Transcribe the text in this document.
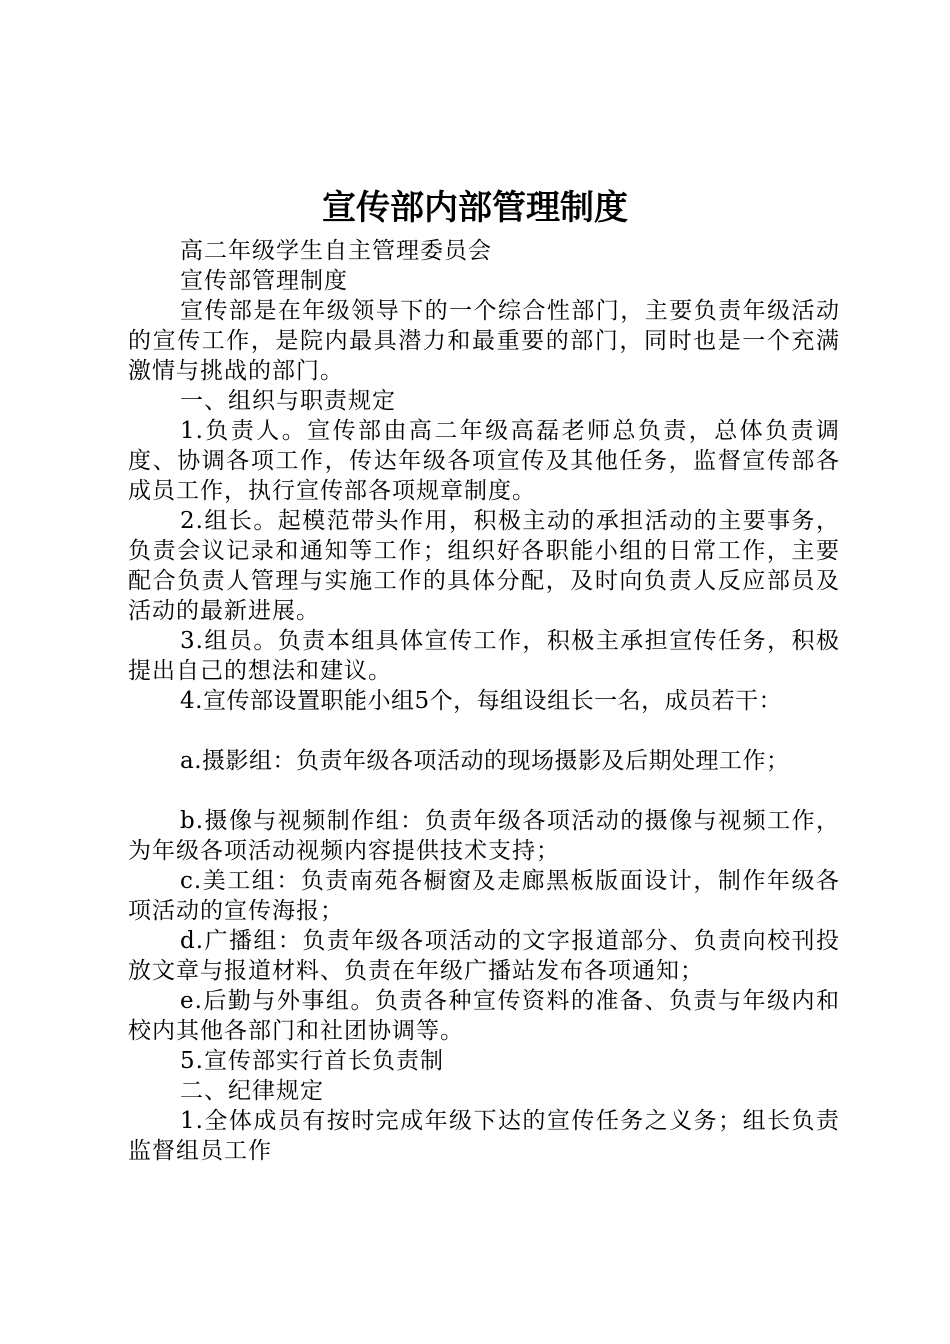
宣传部内部管理制度

高二年级学生自主管理委员会

宣传部管理制度

宣传部是在年级领导下的一个综合性部门，主要负责年级活动的宣传工作，是院内最具潜力和最重要的部门，同时也是一个充满激情与挑战的部门。

一、组织与职责规定

1.负责人。宣传部由高二年级高磊老师总负责，总体负责调度、协调各项工作，传达年级各项宣传及其他任务，监督宣传部各成员工作，执行宣传部各项规章制度。

2.组长。起模范带头作用，积极主动的承担活动的主要事务，负责会议记录和通知等工作；组织好各职能小组的日常工作，主要配合负责人管理与实施工作的具体分配，及时向负责人反应部员及活动的最新进展。

3.组员。负责本组具体宣传工作，积极主承担宣传任务，积极提出自己的想法和建议。

4.宣传部设置职能小组5个，每组设组长一名，成员若干：

a.摄影组：负责年级各项活动的现场摄影及后期处理工作；

b.摄像与视频制作组：负责年级各项活动的摄像与视频工作，为年级各项活动视频内容提供技术支持；

c.美工组：负责南苑各橱窗及走廊黑板版面设计，制作年级各项活动的宣传海报；

d.广播组：负责年级各项活动的文字报道部分、负责向校刊投放文章与报道材料、负责在年级广播站发布各项通知；

e.后勤与外事组。负责各种宣传资料的准备、负责与年级内和校内其他各部门和社团协调等。

5.宣传部实行首长负责制

二、纪律规定

1.全体成员有按时完成年级下达的宣传任务之义务；组长负责监督组员工作
